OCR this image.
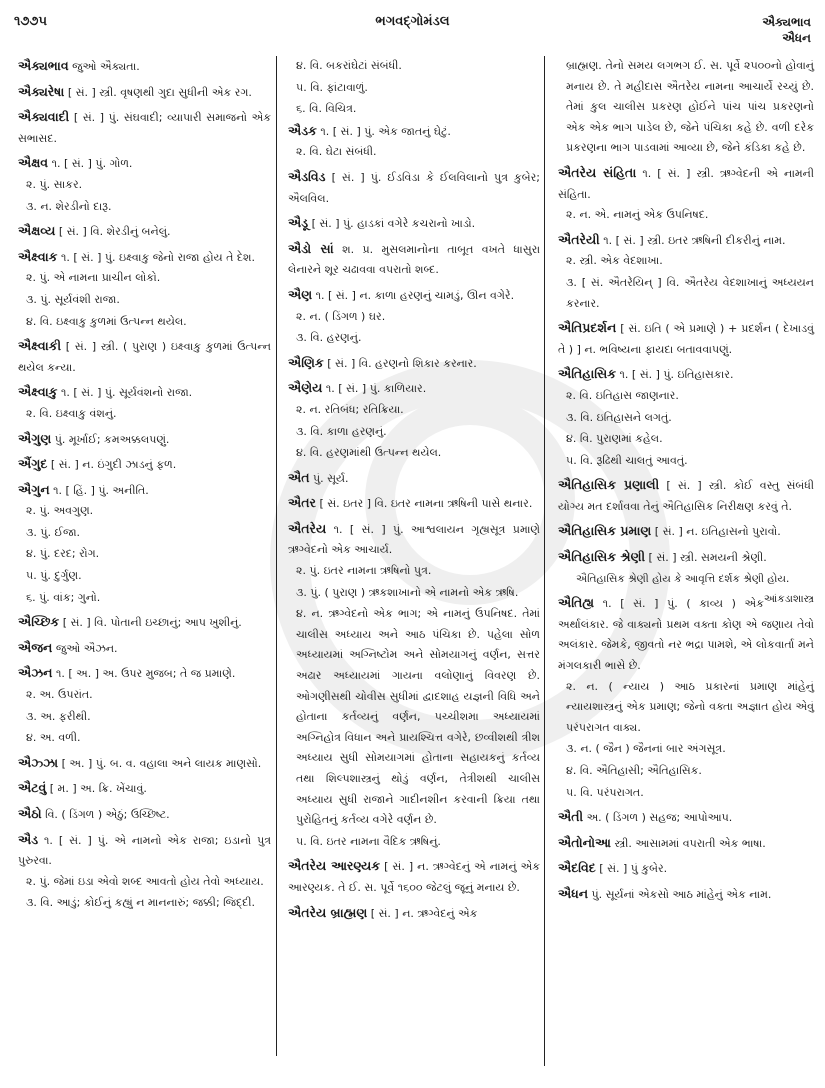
૧૭૭૫	ભગવદ્ગોમંડલ	ઐક્યભાવ
ઐધન
ઐક્યભાવ જુઓ ઐક્યતા.
ઐક્યરેષા [ સં. ] સ્ત્રી. વૃષણથી ગુદા સુધીની એક રગ.
ઐક્યવાદી [ સં. ] પું. સંઘવાદી; વ્યાપારી સમાજનો એક સભાસદ.
ઐક્ષવ ૧. [ સં. ] પું. ગોળ.
૨. પું. સાકર.
૩. ન. શેરડીનો દારૂ.
ઐક્ષવ્ય [ સં. ] વિ. શેરડીનું બનેલું.
ઐક્ષ્વાક ૧. [ સં. ] પું. ઇક્ષ્વાકુ જેનો રાજા હોય તે દેશ.
૨. પું. એ નામના પ્રાચીન લોકો.
૩. પું. સૂર્યવંશી રાજા.
૪. વિ. ઇક્ષ્વાકુ કુળમાં ઉત્પન્ન થયેલ.
ઐક્ષ્વાકી [ સં. ] સ્ત્રી. ( પુરાણ ) ઇક્ષ્વાકુ કુળમાં ઉત્પન્ન થયેલ કન્યા.
ઐક્ષ્વાકુ ૧. [ સં. ] પું. સૂર્યવંશનો રાજા.
૨. વિ. ઇક્ષ્વાકુ વંશનું.
ઐગુણ પું. મૂર્ખાઈ; કમઅક્કલપણું.
ઐંગુદ [ સં. ] ન. ઇંગુદી ઝાડનું ફળ.
ઐગુન ૧. [ હિં. ] પું. અનીતિ.
૨. પું. અવગુણ.
૩. પું. ઈજા.
૪. પું. દરદ; રોગ.
૫. પું. દુર્ગુણ.
૬. પું. વાંક; ગુનો.
ઐચ્છિક [ સં. ] વિ. પોતાની ઇચ્છાનું; આપ ખુશીનું.
ઐજન જુઓ ઐઝન.
ઐઝન ૧. [ અ. ] અ. ઉપર મુજબ; તે જ પ્રમાણે.
૨. અ. ઉપરાંત.
૩. અ. ફરીથી.
૪. અ. વળી.
ઐઝ્ઝા [ અ. ] પું. બ. વ. વહાલા અને લાયક માણસો.
ઐટવું [ મ. ] અ. ક્રિ. ખેંચાવું.
ઐઠો વિ. ( ડિંગળ ) એઠું; ઉચ્છિષ્ટ.
ઐડ ૧. [ સં. ] પું. એ નામનો એક રાજા; ઇડાનો પુત્ર પુરુરવા.
૨. પું. જેમાં ઇડા એવો શબ્દ આવતો હોય તેવો અધ્યાય.
૩. વિ. આડું; કોઈનું કહ્યું ન માનનારું; જક્કી; જિદ્દી.
૪. વિ. બકરાંઘેટાં સંબંધી.
૫. વિ. ફાંટાવાળું.
૬. વિ. વિચિત્ર.
ઐડક ૧. [ સં. ] પું. એક જાતનું ઘેટું.
૨. વિ. ઘેટા સંબંધી.
ઐડવિડ [ સં. ] પું. ઈડવિડા કે ઈલવિલાનો પુત્ર કુબેર; ઐલવિલ.
ઐડૂ [ સં. ] પું. હાડકાં વગેરે કચરાનો ખાડો.
ઐડો સાં શ. પ્ર. મુસલમાનોના તાબૂત વખતે ધાસુરા લેનારને શૂર ચઢાવવા વપરાતો શબ્દ.
ઐણ ૧. [ સં. ] ન. કાળા હરણનું ચામડું, ઊન વગેરે.
૨. ન. ( ડિંગળ ) ઘર.
૩. વિ. હરણનું.
ઐણિક [ સં. ] વિ. હરણનો શિકાર કરનાર.
ઐણેય ૧. [ સં. ] પું. કાળિયાર.
૨. ન. રતિબંધ; રતિક્રિયા.
૩. વિ. કાળા હરણનું.
૪. વિ. હરણમાંથી ઉત્પન્ન થયેલ.
ઐત પું. સૂર્ય.
ઐતર [ સં. ઇતર ] વિ. ઇતર નામના ઋષિની પાસે થનાર.
ઐતરેય ૧. [ સં. ] પું. આશ્વલાયન ગૃહ્યસૂત્ર પ્રમાણે ઋગ્વેદનો એક આચાર્ય.
૨. પું. ઇતર નામના ઋષિનો પુત્ર.
૩. પું. ( પુરાણ ) ઋકશાખાનો એ નામનો એક ઋષિ.
૪. ન. ઋગ્વેદનો એક ભાગ; એ નામનું ઉપનિષદ. તેમાં ચાલીસ અધ્યાય અને આઠ પંચિકા છે. પહેલા સોળ અધ્યાયમાં અગ્નિષ્ટોમ અને સોમયાગનું વર્ણન, સત્તર અઢાર અધ્યાયમાં ગાયના વલોણાનું વિવરણ છે. ઓગણીસથી ચોવીસ સુધીમાં દ્વાદશાહ યજ્ઞની વિધિ અને હોતાના કર્તવ્યનું વર્ણન, પચ્ચીશમા અધ્યાયમાં અગ્નિહોત્ર વિધાન અને પ્રાયશ્ચિત્ત વગેરે, છવ્વીશથી ત્રીશ અધ્યાય સુધી સોમયાગમાં હોતાના સહાયકનું કર્તવ્ય તથા શિલ્પશાસ્ત્રનું થોડું વર્ણન, તેત્રીશથી ચાલીસ અધ્યાય સુધી રાજાને ગાદીનશીન કરવાની ક્રિયા તથા પુરોહિતનું કર્તવ્ય વગેરે વર્ણન છે.
૫. વિ. ઇતર નામના વૈદિક ઋષિનું.
ઐતરેય આરણ્યક [ સં. ] ન. ઋગ્વેદનું એ નામનું એક આરણ્યક. તે ઈ. સ. પૂર્વે ૧૬૦૦ જેટલું જૂનું મનાય છે.
ઐતરેય બ્રાહ્મણ [ સં. ] ન. ઋગ્વેદનું એક
બ્રાહ્મણ. તેનો સમય લગભગ ઈ. સ. પૂર્વે ૨૫૦૦નો હોવાનું મનાય છે. તે મહીદાસ ઐતરેય નામના આચાર્યે રચ્યું છે. તેમાં કુલ ચાલીસ પ્રકરણ હોઈને પાંચ પાંચ પ્રકરણનો એક એક ભાગ પાડેલ છે, જેને પંચિકા કહે છે. વળી દરેક પ્રકરણના ભાગ પાડવામાં આવ્યા છે, જેને કંડિકા કહે છે.
ઐતરેય સંહિતા ૧. [ સં. ] સ્ત્રી. ઋગ્વેદની એ નામની સંહિતા.
૨. ન. એ. નામનું એક ઉપનિષદ.
ઐતરેયી ૧. [ સં. ] સ્ત્રી. ઇતર ઋષિની દીકરીનું નામ.
૨. સ્ત્રી. એક વેદશાખા.
૩. [ સં. ઐતરેયિન્ ] વિ. ઐતરેય વેદશાખાનું અધ્યયન કરનાર.
ઐતિપ્રદર્શન [ સં. ઇતિ ( એ પ્રમાણે ) + પ્રદર્શન ( દેખાડવું તે ) ] ન. ભવિષ્યના ફાયદા બતાવવાપણું.
ઐતિહાસિક ૧. [ સં. ] પું. ઇતિહાસકાર.
૨. વિ. ઇતિહાસ જાણનાર.
૩. વિ. ઇતિહાસને લગતું.
૪. વિ. પુરાણમાં કહેલ.
૫. વિ. રૂઢિથી ચાલતું આવતું.
ઐતિહાસિક પ્રણાલી [ સં. ] સ્ત્રી. કોઈ વસ્તુ સંબંધી યોગ્ય મત દર્શાવવા તેનું ઐતિહાસિક નિરીક્ષણ કરવું તે.
ઐતિહાસિક પ્રમાણ [ સં. ] ન. ઇતિહાસનો પુરાવો.
ઐતિહાસિક શ્રેણી [ સં. ] સ્ત્રી. સમયની શ્રેણી.
ઐતિહાસિક શ્રેણી હોય કે આવૃત્તિ દર્શક શ્રેણી હોય.
આંકડાશાસ્ત્ર
ઐતિહ્ય ૧. [ સં. ] પું. ( કાવ્ય ) એક અર્થાલંકાર. જે વાક્યનો પ્રથમ વક્તા કોણ એ જણાય તેવો અલંકાર. જેમકે, જીવતો નર ભદ્રા પામશે, એ લોકવાર્તા મને મંગલકારી ભાસે છે.
૨. ન. ( ન્યાય ) આઠ પ્રકારનાં પ્રમાણ માંહેનું ન્યાયશાસ્ત્રનું એક પ્રમાણ; જેનો વક્તા અજ્ઞાત હોય એવું પરંપરાગત વાક્ય.
૩. ન. ( જૈન ) જૈનનાં બાર અંગસૂત્ર.
૪. વિ. ઐતિહાસી; ઐતિહાસિક.
૫. વિ. પરંપરાગત.
ઐતી અ. ( ડિંગળ ) સહજ; આપોઆપ.
ઐતોનોઆ સ્ત્રી. આસામમાં વપરાતી એક ભાષા.
ઐદવિદ [ સં. ] પું કુબેર.
ઐધન પું. સૂર્યનાં એકસો આઠ માંહેનું એક નામ.
